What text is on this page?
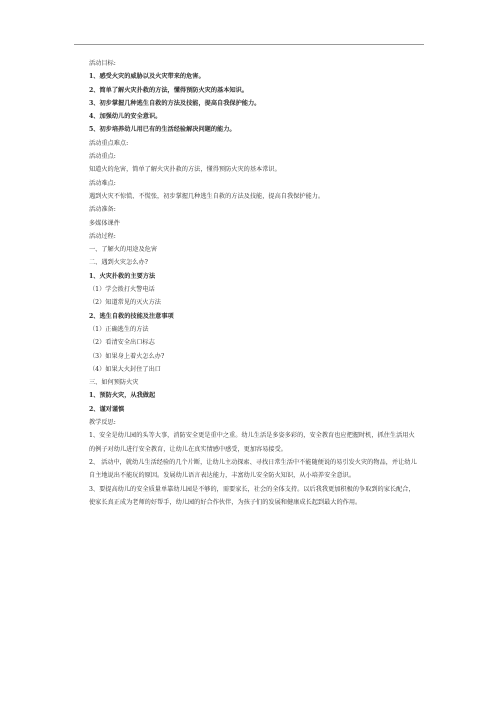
活动目标:
1、感受火灾的威胁以及火灾带来的危害。
2、简单了解火灾扑救的方法，懂得预防火灾的基本知识。
3、初步掌握几种逃生自救的方法及技能，提高自我保护能力。
4、加强幼儿的安全意识。
5、初步培养幼儿用已有的生活经验解决问题的能力。
活动重点难点:
活动重点:
知道火的危害，简单了解火灾扑救的方法，懂得预防火灾的基本常识。
活动难点:
遇到火灾不惊慌、不慌张，初步掌握几种逃生自救的方法及技能，提高自我保护能力。
活动准备:
多媒体课件
活动过程:
一、了解火的用途及危害
二、遇到火灾怎么办?
1、火灾扑救的主要方法
（1）学会拨打火警电话
（2）知道常见的灭火方法
2、逃生自救的技能及注意事项
（1）正确逃生的方法
（2）看清安全出口标志
（3）如果身上着火怎么办?
（4）如果大火封住了出口
三、如何预防火灾
1、预防火灾，从我做起
2、谨对谨慎
教学反思:

1、安全是幼儿园的头等大事，消防安全更是重中之重。幼儿生活是多姿多彩的，安全教育也应把握时机，抓住生活用火的例子对幼儿进行安全教育，让幼儿在真实情感中感受，更加容易接受。

2、 活动中，就幼儿生活经验的几个片断，让幼儿主动探索、寻找日常生活中不能随便说的易引发火灾的物品，并让幼儿自主地说出不能玩的原因。发展幼儿语言表达能力，丰富幼儿安全防火知识，从小培养安全意识。

3、要提高幼儿的安全质量单靠幼儿园是不够的，需要家长，社会的全体支持。以后我我更加积极的争取到的家长配合，使家长真正成为老师的好帮手，幼儿园的好合作伙伴，为孩子们的发展和健康成长起到最大的作用。
